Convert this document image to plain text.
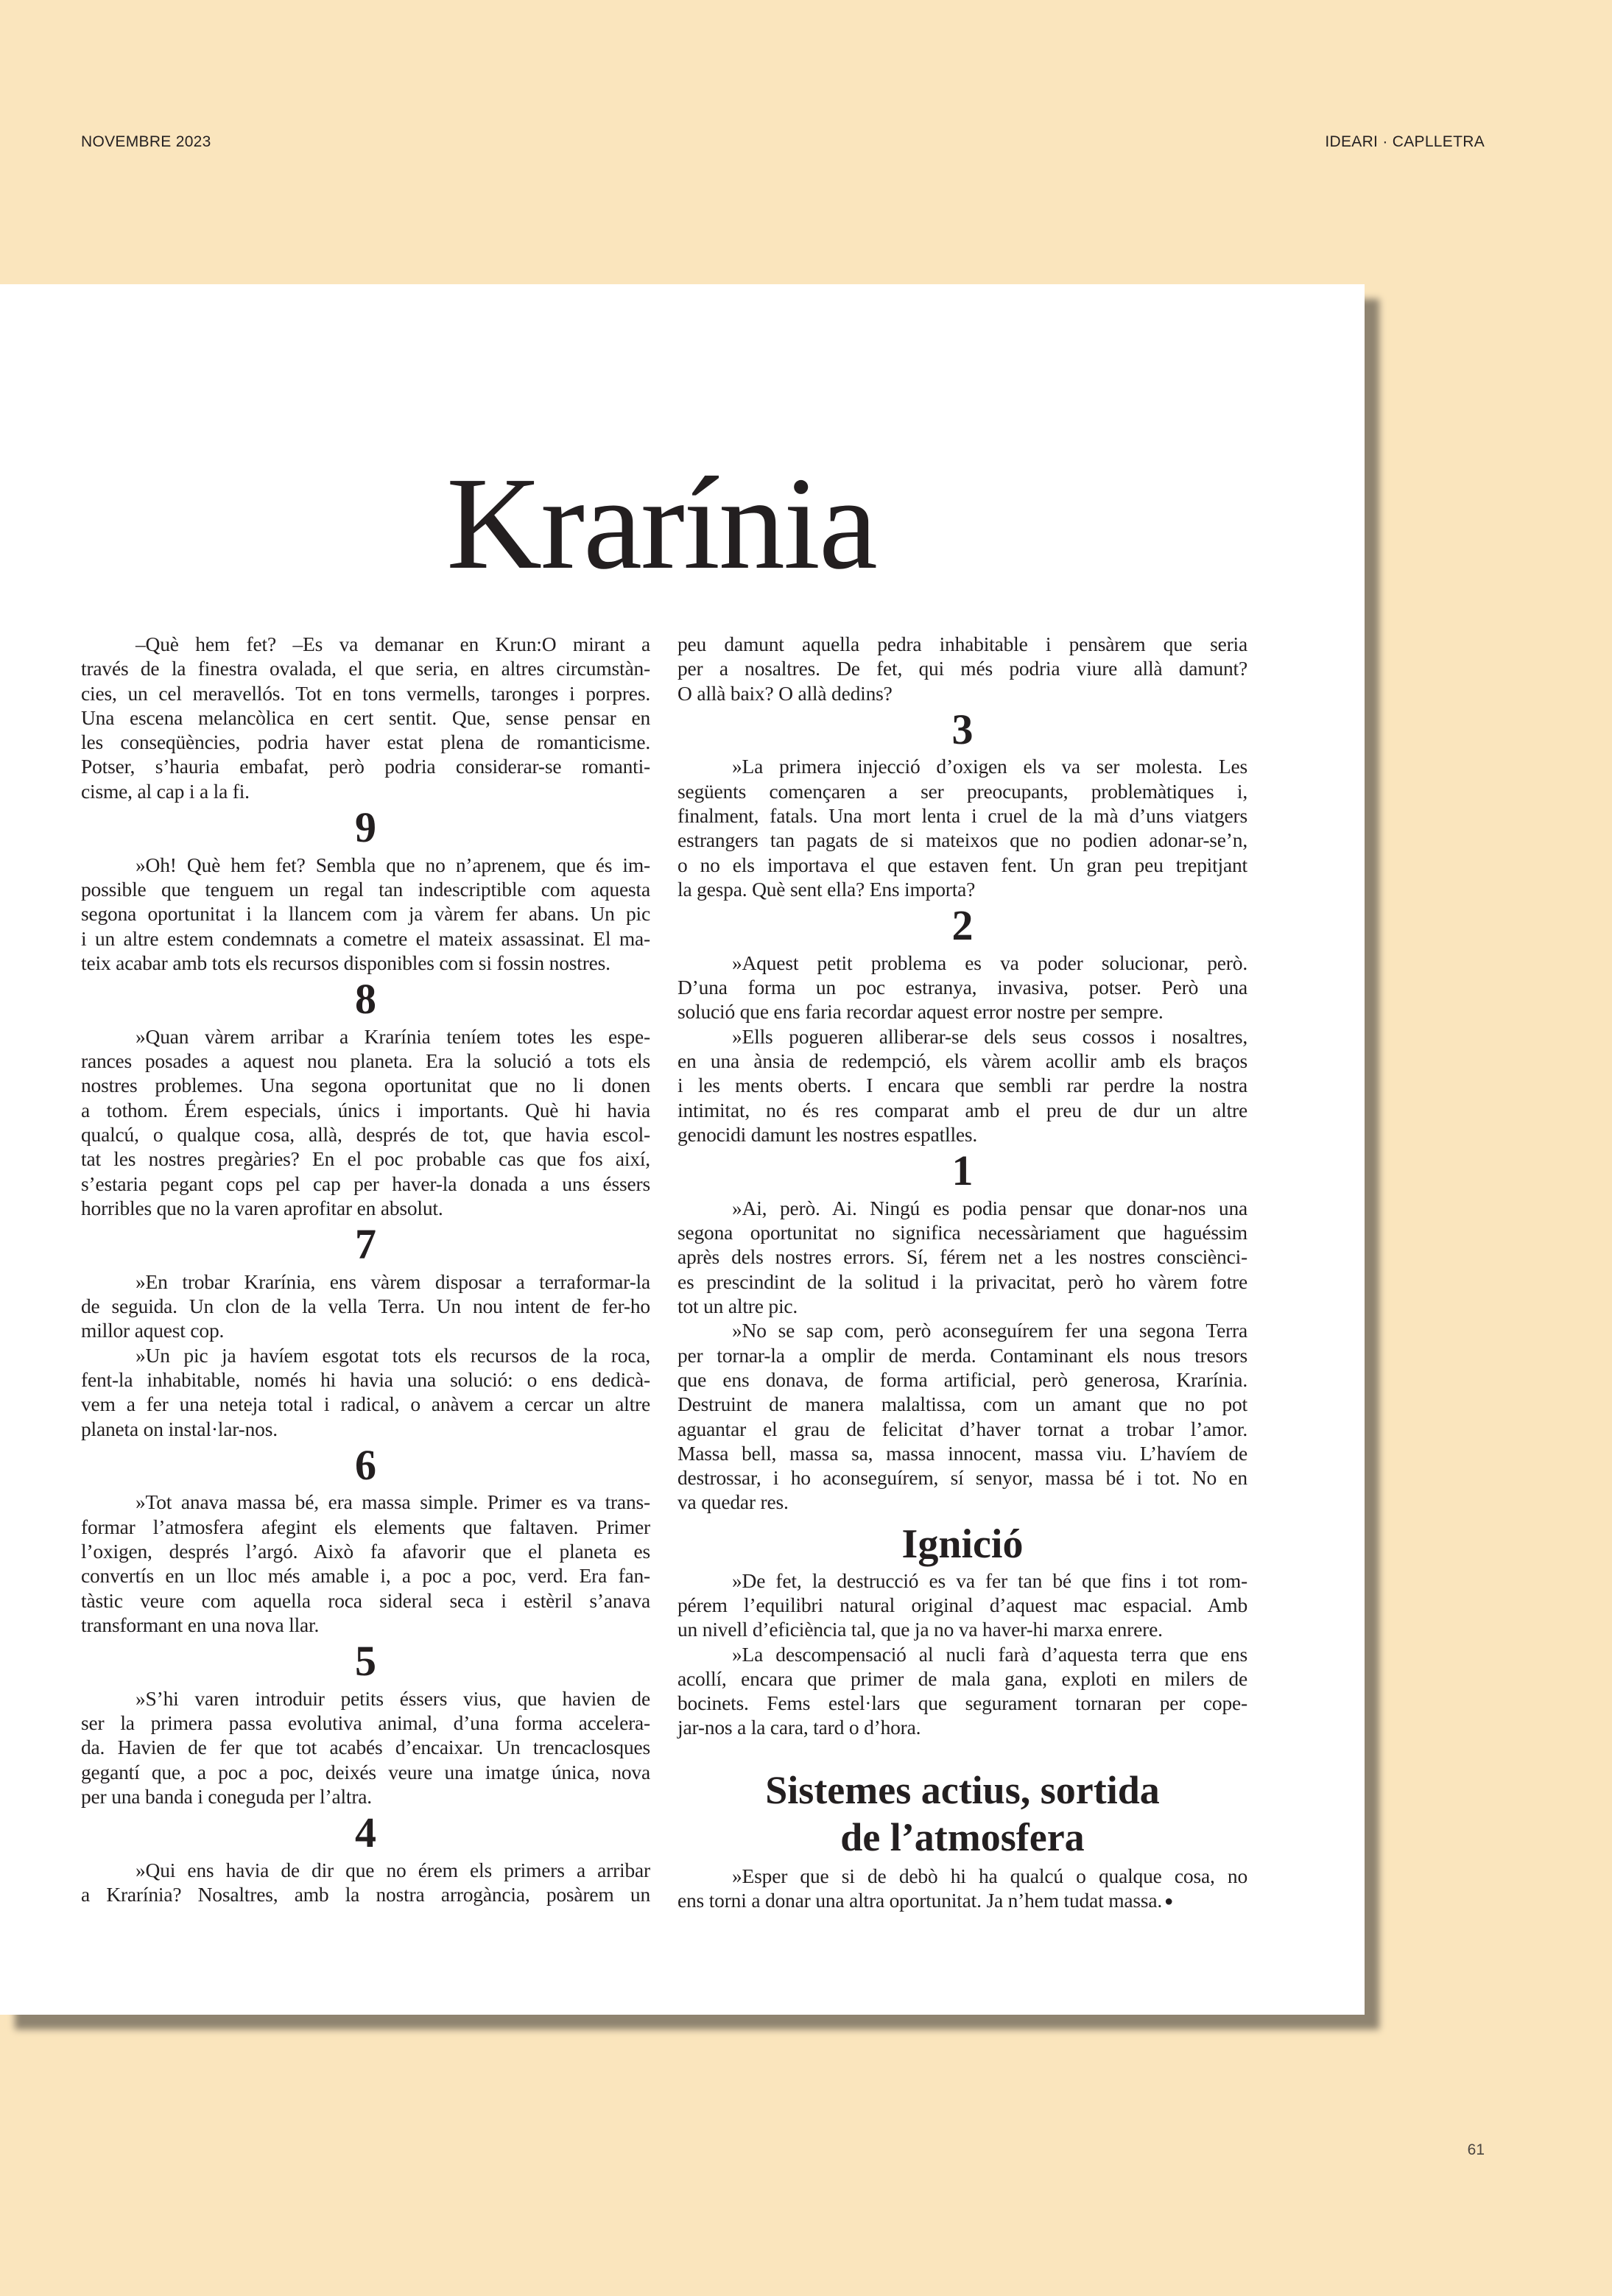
NOVEMBRE 2023	IDEARI · CAPLLETRA
Krarínia
–Què hem fet? –Es va demanar en Krun:O mirant a
través de la finestra ovalada, el que seria, en altres circumstàn-
cies, un cel meravellós. Tot en tons vermells, taronges i porpres.
Una escena melancòlica en cert sentit. Que, sense pensar en
les conseqüències, podria haver estat plena de romanticisme.
Potser, s’hauria embafat, però podria considerar-se romanti-
cisme, al cap i a la fi.
9
»Oh! Què hem fet? Sembla que no n’aprenem, que és im-
possible que tenguem un regal tan indescriptible com aquesta
segona oportunitat i la llancem com ja vàrem fer abans. Un pic
i un altre estem condemnats a cometre el mateix assassinat. El ma-
teix acabar amb tots els recursos disponibles com si fossin nostres.
8
»Quan vàrem arribar a Krarínia teníem totes les espe-
rances posades a aquest nou planeta. Era la solució a tots els
nostres problemes. Una segona oportunitat que no li donen
a tothom. Érem especials, únics i importants. Què hi havia
qualcú, o qualque cosa, allà, després de tot, que havia escol-
tat les nostres pregàries? En el poc probable cas que fos així,
s’estaria pegant cops pel cap per haver-la donada a uns éssers
horribles que no la varen aprofitar en absolut.
7
»En trobar Krarínia, ens vàrem disposar a terraformar-la
de seguida. Un clon de la vella Terra. Un nou intent de fer-ho
millor aquest cop.
»Un pic ja havíem esgotat tots els recursos de la roca,
fent-la inhabitable, només hi havia una solució: o ens dedicà-
vem a fer una neteja total i radical, o anàvem a cercar un altre
planeta on instal·lar-nos.
6
»Tot anava massa bé, era massa simple. Primer es va trans-
formar l’atmosfera afegint els elements que faltaven. Primer
l’oxigen, després l’argó. Això fa afavorir que el planeta es
convertís en un lloc més amable i, a poc a poc, verd. Era fan-
tàstic veure com aquella roca sideral seca i estèril s’anava
transformant en una nova llar.
5
»S’hi varen introduir petits éssers vius, que havien de
ser la primera passa evolutiva animal, d’una forma accelera-
da. Havien de fer que tot acabés d’encaixar. Un trencaclosques
gegantí que, a poc a poc, deixés veure una imatge única, nova
per una banda i coneguda per l’altra.
4
»Qui ens havia de dir que no érem els primers a arribar
a Krarínia? Nosaltres, amb la nostra arrogància, posàrem un
peu damunt aquella pedra inhabitable i pensàrem que seria
per a nosaltres. De fet, qui més podria viure allà damunt?
O allà baix? O allà dedins?
3
»La primera injecció d’oxigen els va ser molesta. Les
següents començaren a ser preocupants, problemàtiques i,
finalment, fatals. Una mort lenta i cruel de la mà d’uns viatgers
estrangers tan pagats de si mateixos que no podien adonar-se’n,
o no els importava el que estaven fent. Un gran peu trepitjant
la gespa. Què sent ella? Ens importa?
2
»Aquest petit problema es va poder solucionar, però.
D’una forma un poc estranya, invasiva, potser. Però una
solució que ens faria recordar aquest error nostre per sempre.
»Ells pogueren alliberar-se dels seus cossos i nosaltres,
en una ànsia de redempció, els vàrem acollir amb els braços
i les ments oberts. I encara que sembli rar perdre la nostra
intimitat, no és res comparat amb el preu de dur un altre
genocidi damunt les nostres espatlles.
1
»Ai, però. Ai. Ningú es podia pensar que donar-nos una
segona oportunitat no significa necessàriament que haguéssim
après dels nostres errors. Sí, férem net a les nostres consciènci-
es prescindint de la solitud i la privacitat, però ho vàrem fotre
tot un altre pic.
»No se sap com, però aconseguírem fer una segona Terra
per tornar-la a omplir de merda. Contaminant els nous tresors
que ens donava, de forma artificial, però generosa, Krarínia.
Destruint de manera malaltissa, com un amant que no pot
aguantar el grau de felicitat d’haver tornat a trobar l’amor.
Massa bell, massa sa, massa innocent, massa viu. L’havíem de
destrossar, i ho aconseguírem, sí senyor, massa bé i tot. No en
va quedar res.
Ignició
»De fet, la destrucció es va fer tan bé que fins i tot rom-
pérem l’equilibri natural original d’aquest mac espacial. Amb
un nivell d’eficiència tal, que ja no va haver-hi marxa enrere.
»La descompensació al nucli farà d’aquesta terra que ens
acollí, encara que primer de mala gana, exploti en milers de
bocinets. Fems estel·lars que segurament tornaran per cope-
jar-nos a la cara, tard o d’hora.
Sistemes actius, sortida
de l’atmosfera
»Esper que si de debò hi ha qualcú o qualque cosa, no
ens torni a donar una altra oportunitat. Ja n’hem tudat massa. ●
61
